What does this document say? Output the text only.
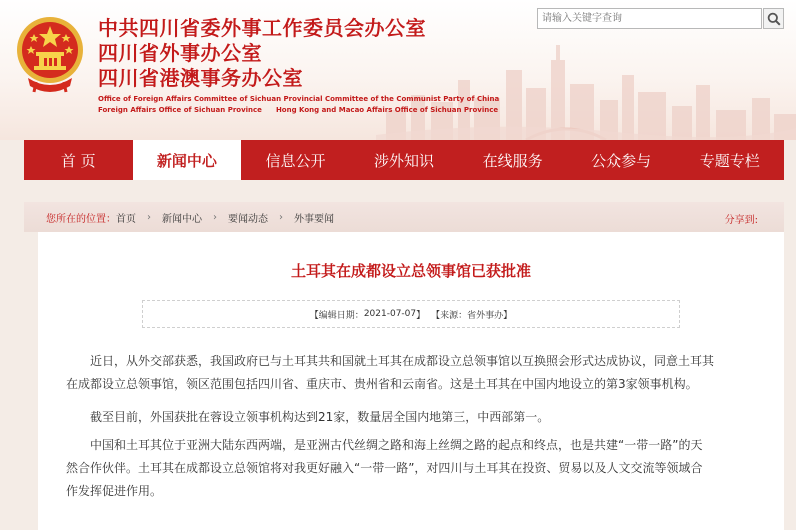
中共四川省委外事工作委员会办公室
四川省外事办公室
四川省港澳事务办公室
Office of Foreign Affairs Committee of Sichuan Provincial Committee of the Communist Party of China
Foreign Affairs Office of Sichuan Province Hong Kong and Macao Affairs Office of Sichuan Province
请输入关键字查询
首 页	新闻中心	信息公开	涉外知识	在线服务	公众参与	专题专栏
您所在的位置： 首页 › 新闻中心 › 要闻动态 › 外事要闻	分享到:
土耳其在成都设立总领事馆已获批准
【编辑日期： 2021-07-07 】 【来源： 省外事办 】
近日，从外交部获悉，我国政府已与土耳其共和国就土耳其在成都设立总领事馆以互换照会形式达成协议，同意土耳其
在成都设立总领事馆，领区范围包括四川省、重庆市、贵州省和云南省。这是土耳其在中国内地设立的第3家领事机构。
截至目前，外国获批在蓉设立领事机构达到21家，数量居全国内地第三，中西部第一。
中国和土耳其位于亚洲大陆东西两端，是亚洲古代丝绸之路和海上丝绸之路的起点和终点，也是共建“一带一路”的天
然合作伙伴。土耳其在成都设立总领馆将对我更好融入“一带一路”，对四川与土耳其在投资、贸易以及人文交流等领域合
作发挥促进作用。
